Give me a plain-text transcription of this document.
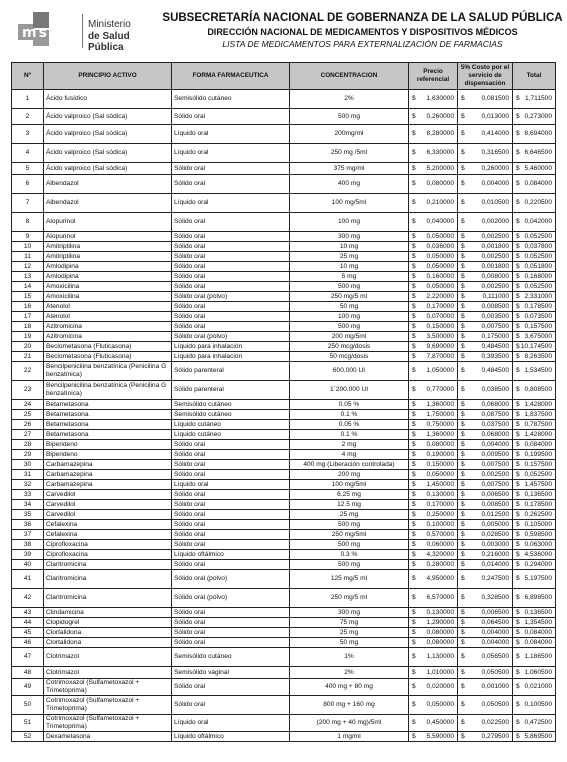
msp
Ministerio
de Salud Pública
SUBSECRETARÍA NACIONAL DE GOBERNANZA DE LA SALUD PÚBLICA
DIRECCIÓN NACIONAL DE MEDICAMENTOS Y DISPOSITIVOS MÉDICOS
LISTA DE MEDICAMENTOS PARA EXTERNALIZACIÓN DE FARMACIAS
Nº	PRINCIPIO ACTIVO	FORMA FARMACEUTICA	CONCENTRACION	Precio referencial	5% Costo por el servicio de dispensación	Total
1	Ácido fusídico	Semisólido cutáneo	2%	$ 1,630000	$ 0,081500	$ 1,711500

2	Ácido valproico (Sal sódica)	Sólido oral	500 mg	$ 0,260000	$ 0,013000	$ 0,273000

3	Ácido valproico (Sal sódica)	Líquido oral	200mg/ml	$ 8,280000	$ 0,414000	$ 8,694000

4	Ácido valproico (Sal sódica)	Líquido oral	250 mg /5ml	$ 6,330000	$ 0,316500	$ 6,646500

5	Ácido valproico (Sal sódica)	Sólido oral	375 mg/ml	$ 5,200000	$ 0,260000	$ 5,460000

6	Albendazol	Sólido oral	400 mg	$ 0,080000	$ 0,004000	$ 0,084000

7	Albendazol	Líquido oral	100 mg/5ml	$ 0,210000	$ 0,010500	$ 0,220500

8	Alopurinol	Sólido oral	100 mg	$ 0,040000	$ 0,002000	$ 0,042000

9	Alopurinol	Sólido oral	300 mg	$ 0,050000	$ 0,002500	$ 0,052500

10	Amitriptilina	Sólido oral	10 mg	$ 0,036000	$ 0,001800	$ 0,037800

11	Amitriptilina	Sólido oral	25 mg	$ 0,050000	$ 0,002500	$ 0,052500

12	Amlodipina	Sólido oral	10 mg	$ 0,050000	$ 0,001800	$ 0,051800

13	Amlodipina	Sólido oral	5 mg	$ 0,160000	$ 0,008000	$ 0,168000

14	Amoxicilina	Sólido oral	500 mg	$ 0,050000	$ 0,002500	$ 0,052500

15	Amoxicilina	Sólido oral (polvo)	250 mg/5 ml	$ 2,220000	$ 0,111000	$ 2,331000

16	Atenolol	Sólido oral	50 mg	$ 0,170000	$ 0,008500	$ 0,178500

17	Atenolol	Sólido oral	100 mg	$ 0,070000	$ 0,003500	$ 0,073500

18	Azitromicina	Sólido oral	500 mg	$ 0,150000	$ 0,007500	$ 0,157500

19	Azitromicina	Sólido oral (polvo)	200 mg/5ml	$ 3,500000	$ 0,175000	$ 3,675000

20	Beclometasona (Fluticasona)	Líquido para inhalación	250 mcg/dosis	$ 9,690000	$ 0,484500	$ 10,174500

21	Beclometasona (Fluticasona)	Líquido para inhalación	50 mcg/dosis	$ 7,870000	$ 0,393500	$ 8,263500

22	Bencilpenicilina benzatínica (Penicilina G benzatínica)	Sólido parenteral	600.000 UI	$ 1,050000	$ 0,484500	$ 1,534500

23	Bencilpenicilina benzatínica (Penicilina G benzatínica)	Sólido parenteral	1´200.000 UI	$ 0,770000	$ 0,038500	$ 0,808500

24	Betametasona	Semisólido cutáneo	0.05 %	$ 1,360000	$ 0,068000	$ 1,428000

25	Betametasona	Semisólido cutáneo	0.1 %	$ 1,750000	$ 0,087500	$ 1,837500

26	Betametasona	Líquido cutáneo	0.05 %	$ 0,750000	$ 0,037500	$ 0,787500

27	Betametasona	Líquido cutáneo	0.1 %	$ 1,360000	$ 0,068000	$ 1,428000

28	Biperideno	Sólido oral	2 mg	$ 0,080000	$ 0,004000	$ 0,084000

29	Biperideno	Sólido oral	4 mg	$ 0,190000	$ 0,009500	$ 0,199500

30	Carbamazepina	Sólido oral	400 mg (Liberación controlada)	$ 0,150000	$ 0,007500	$ 0,157500

31	Carbamazepina	Sólido oral	200 mg	$ 0,050000	$ 0,002500	$ 0,052500

32	Carbamazepina	Líquido oral	100 mg/5ml	$ 1,450000	$ 0,007500	$ 1,457500

33	Carvedilol	Sólido oral	6.25 mg	$ 0,130000	$ 0,006500	$ 0,136500

34	Carvedilol	Sólido oral	12.5 mg	$ 0,170000	$ 0,008500	$ 0,178500

35	Carvedilol	Sólido oral	25 mg	$ 0,250000	$ 0,012500	$ 0,262500

36	Cefalexina	Sólido oral	500 mg	$ 0,100000	$ 0,005000	$ 0,105000

37	Cefalexina	Sólido oral	250 mg/5ml	$ 0,570000	$ 0,028500	$ 0,598500

38	Ciprofloxacina	Sólido oral	500 mg	$ 0,060000	$ 0,003000	$ 0,063000

39	Ciprofloxacina	Líquido oftálmico	0.3 %	$ 4,320000	$ 0,216000	$ 4,536000

40	Claritromicina	Sólido oral	500 mg	$ 0,280000	$ 0,014000	$ 0,294000

41	Claritromicina	Sólido oral (polvo)	125 mg/5 ml	$ 4,950000	$ 0,247500	$ 5,197500

42	Claritromicina	Sólido oral (polvo)	250 mg/5 ml	$ 6,570000	$ 0,328500	$ 6,898500

43	Clindamicina	Sólido oral	300 mg	$ 0,130000	$ 0,006500	$ 0,136500

44	Clopidogrel	Sólido oral	75 mg	$ 1,290000	$ 0,064500	$ 1,354500

45	Clortalidona	Sólido oral	25 mg	$ 0,080000	$ 0,004000	$ 0,084000

46	Clortalidona	Sólido oral	50 mg	$ 0,080000	$ 0,004000	$ 0,084000

47	Clotrimazol	Semisólido cutáneo	1%	$ 1,130000	$ 0,056500	$ 1,186500

48	Clotrimazol	Semisólido vaginal	2%	$ 1,010000	$ 0,050500	$ 1,060500

49	Cotrimoxazol (Sulfametoxazol + Trimetoprima)	Sólido oral	400 mg + 80 mg	$ 0,020000	$ 0,001000	$ 0,021000

50	Cotrimoxazol (Sulfametoxazol + Trimetoprima)	Sólido oral	800 mg + 160 mg	$ 0,050000	$ 0,050500	$ 0,100500

51	Cotrimoxazol (Sulfametoxazol + Trimetoprima)	Líquido oral	(200 mg + 40 mg)/5ml	$ 0,450000	$ 0,022500	$ 0,472500

52	Dexametasona	Líquido oftálmico	1 mg/ml	$ 5,590000	$ 0,279500	$ 5,869500
